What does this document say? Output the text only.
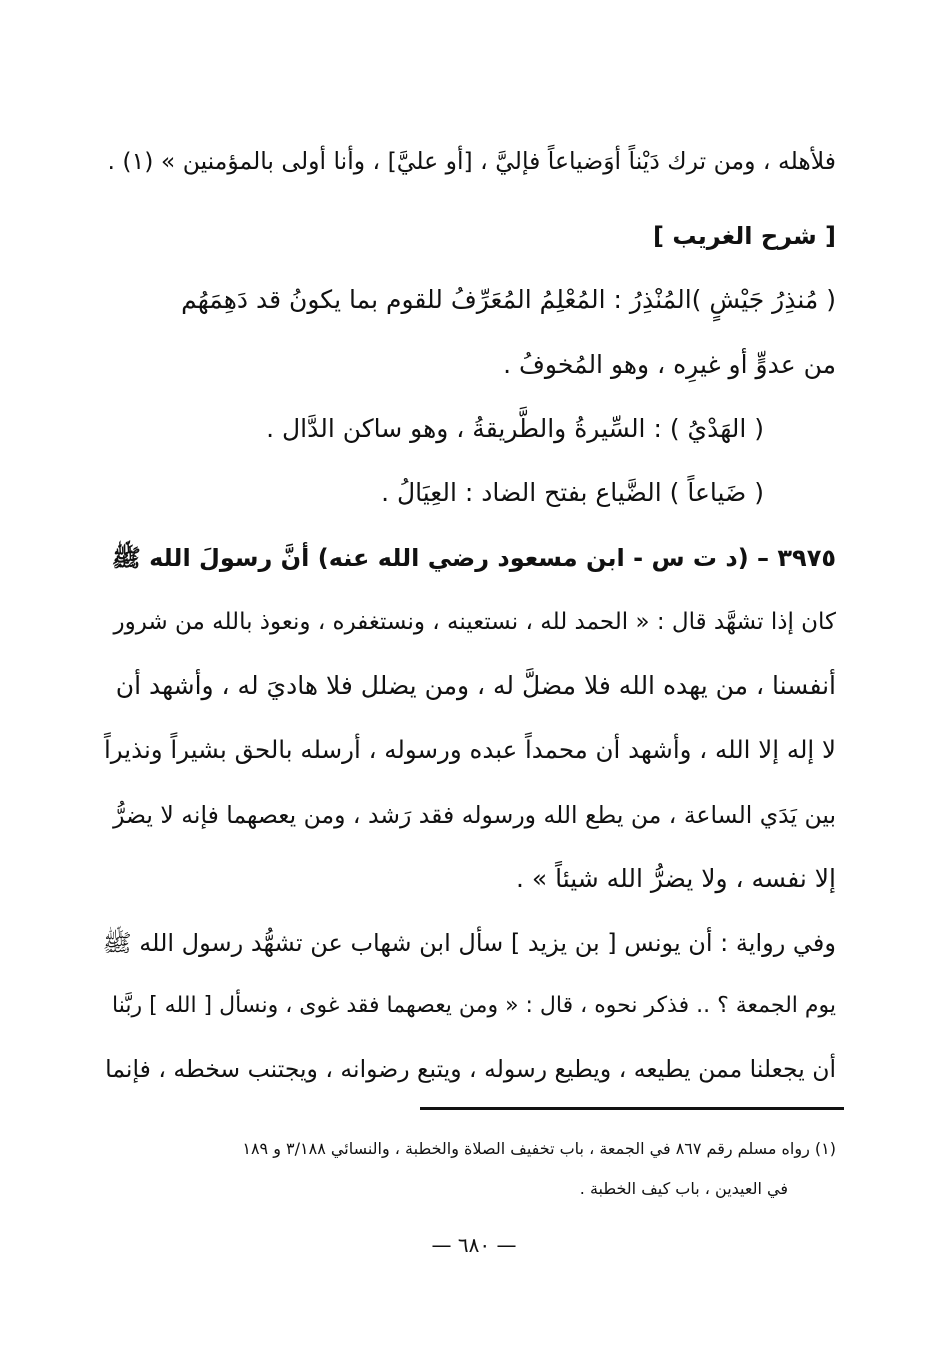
فلأهله ، ومن ترك دَيْناً أوَضياعاً فإليَّ ، [أو عليَّ] ، وأنا أولى بالمؤمنين » (١) .
[ شرح الغريب ]
( مُنذِرُ جَيْشٍ )المُنْذِرُ : المُعْلِمُ المُعَرِّفُ للقوم بما يكونُ قد دَهِمَهُم
من عدوٍّ أو غيرِه ، وهو المُخوفُ .
( الهَدْيُ ) : السِّيرةُ والطَّريقةُ ، وهو ساكن الدَّال .
( ضَياعاً ) الضَّياع بفتح الضاد : العِيَالُ .
٣٩٧٥ – (د ت س - ابن مسعود رضي الله عنه) أنَّ رسولَ الله ﷺ
كان إذا تشهَّد قال : « الحمد لله ، نستعينه ، ونستغفره ، ونعوذ بالله من شرور
أنفسنا ، من يهده الله فلا مضلَّ له ، ومن يضلل فلا هاديَ له ، وأشهد أن
لا إله إلا الله ، وأشهد أن محمداً عبده ورسوله ، أرسله بالحق بشيراً ونذيراً
بين يَدَي الساعة ، من يطع الله ورسوله فقد رَشد ، ومن يعصهما فإنه لا يضرُّ
إلا نفسه ، ولا يضرُّ الله شيئاً » .
وفي رواية : أن يونس [ بن يزيد ] سأل ابن شهاب عن تشهُّد رسول الله ﷺ
يوم الجمعة ؟ .. فذكر نحوه ، قال : « ومن يعصهما فقد غوى ، ونسأل [ الله ] ربَّنا
أن يجعلنا ممن يطيعه ، ويطيع رسوله ، ويتبع رضوانه ، ويجتنب سخطه ، فإنما
(١) رواه مسلم رقم ٨٦٧ في الجمعة ، باب تخفيف الصلاة والخطبة ، والنسائي ٣/١٨٨ و ١٨٩
في العيدين ، باب كيف الخطبة .
— ٦٨٠ —
